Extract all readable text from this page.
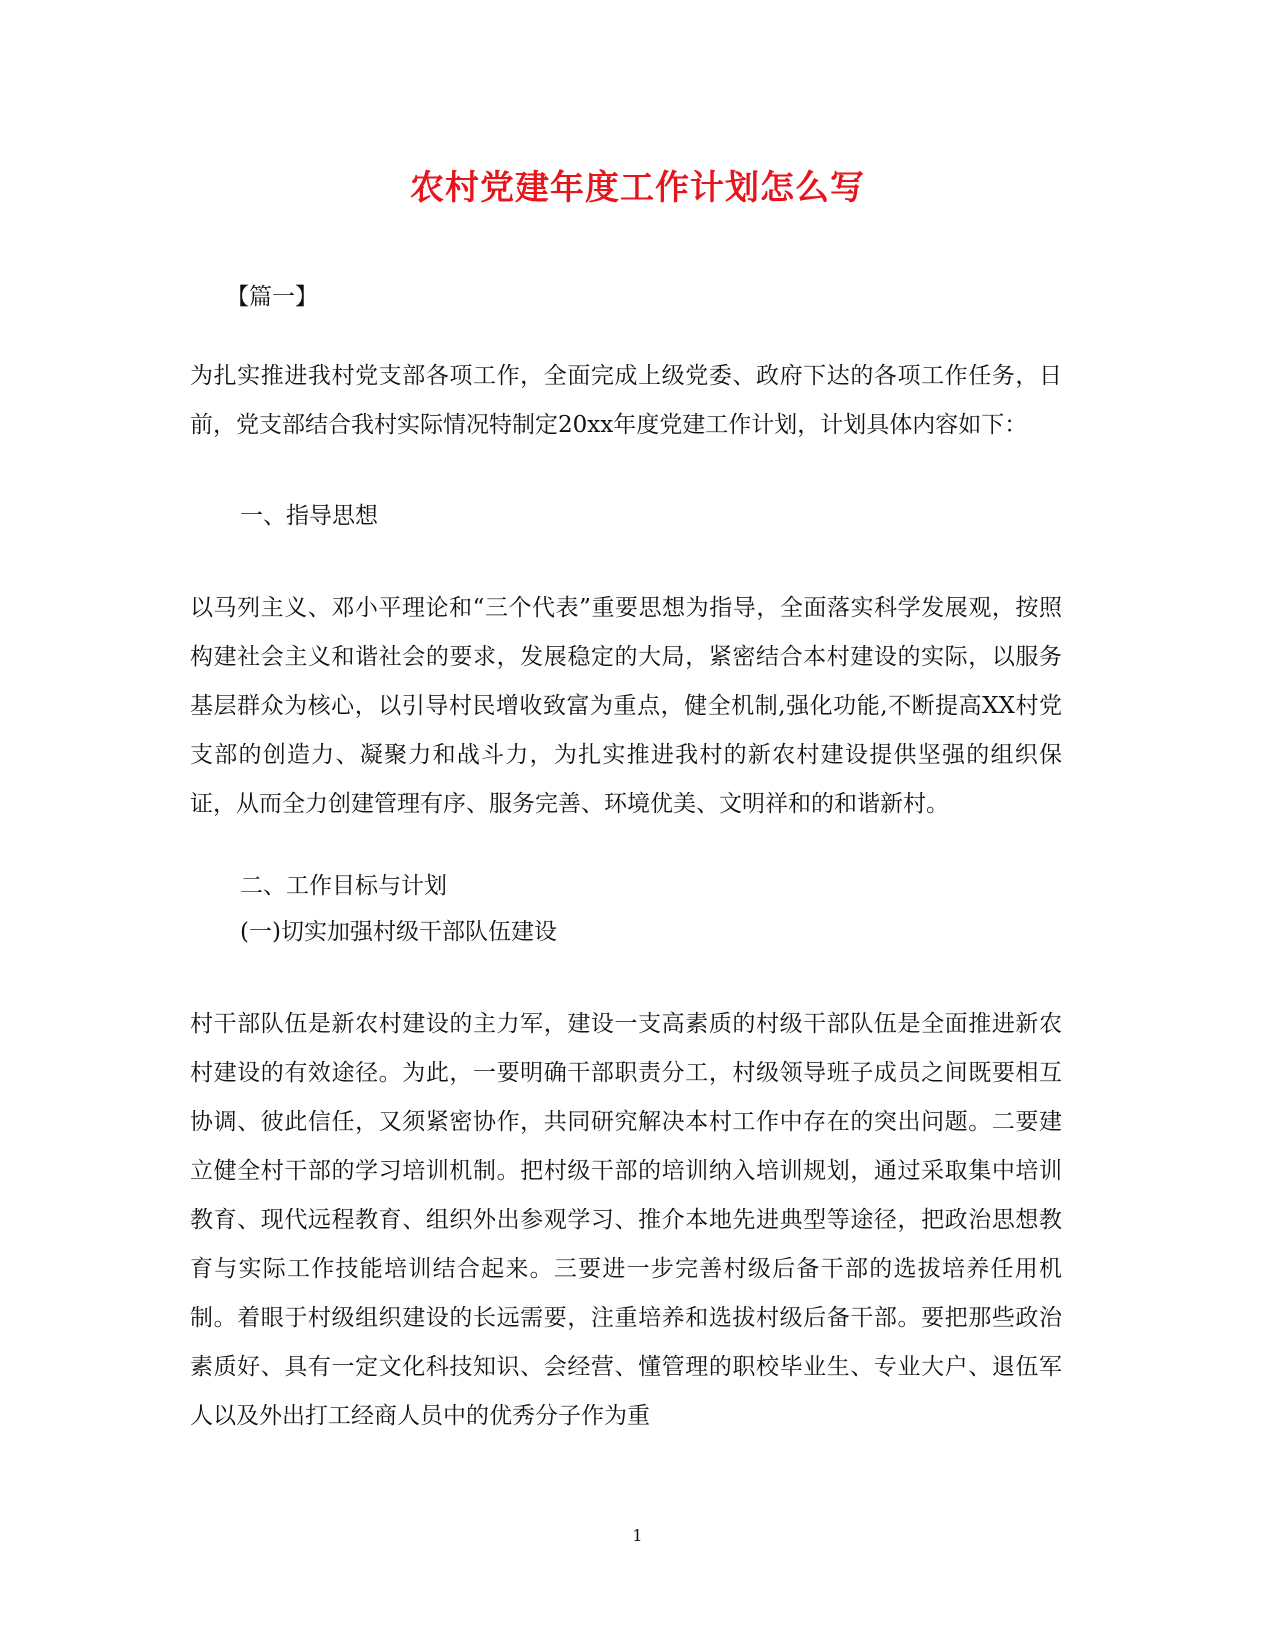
农村党建年度工作计划怎么写
【篇一】

为扎实推进我村党支部各项工作，全面完成上级党委、政府下达的各项工作任务，日前，党支部结合我村实际情况特制定20xx年度党建工作计划，计划具体内容如下：

一、指导思想

以马列主义、邓小平理论和“三个代表”重要思想为指导，全面落实科学发展观，按照构建社会主义和谐社会的要求，发展稳定的大局，紧密结合本村建设的实际，以服务基层群众为核心，以引导村民增收致富为重点，健全机制,强化功能,不断提高XX村党支部的创造力、凝聚力和战斗力，为扎实推进我村的新农村建设提供坚强的组织保证，从而全力创建管理有序、服务完善、环境优美、文明祥和的和谐新村。

二、工作目标与计划
(一)切实加强村级干部队伍建设

村干部队伍是新农村建设的主力军，建设一支高素质的村级干部队伍是全面推进新农村建设的有效途径。为此，一要明确干部职责分工，村级领导班子成员之间既要相互协调、彼此信任，又须紧密协作，共同研究解决本村工作中存在的突出问题。二要建立健全村干部的学习培训机制。把村级干部的培训纳入培训规划，通过采取集中培训教育、现代远程教育、组织外出参观学习、推介本地先进典型等途径，把政治思想教育与实际工作技能培训结合起来。三要进一步完善村级后备干部的选拔培养任用机制。着眼于村级组织建设的长远需要，注重培养和选拔村级后备干部。要把那些政治素质好、具有一定文化科技知识、会经营、懂管理的职校毕业生、专业大户、退伍军人以及外出打工经商人员中的优秀分子作为重

1
